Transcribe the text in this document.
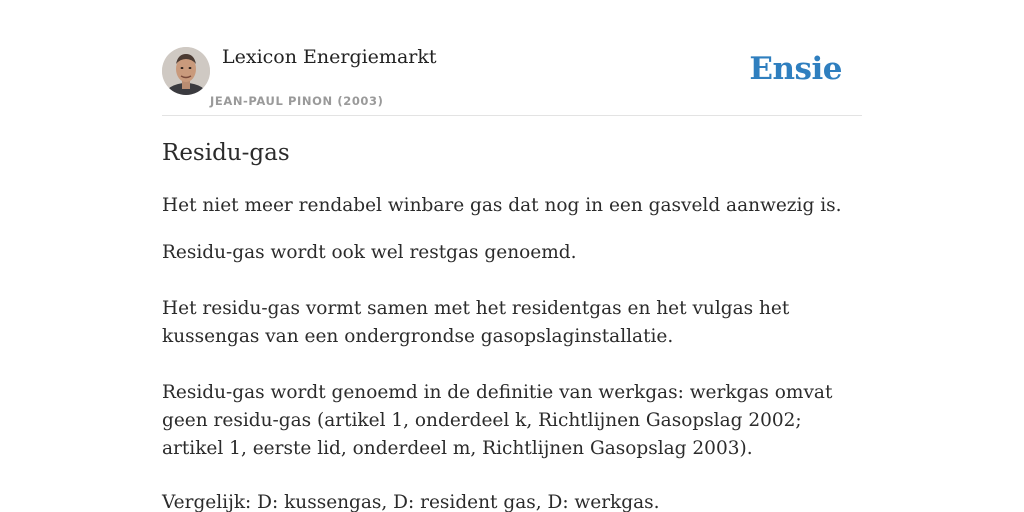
Lexicon Energiemarkt
JEAN-PAUL PINON (2003)
Ensie
Residu-gas
Het niet meer rendabel winbare gas dat nog in een gasveld aanwezig is.
Residu-gas wordt ook wel restgas genoemd.
Het residu-gas vormt samen met het residentgas en het vulgas het kussengas van een ondergrondse gasopslaginstallatie.
Residu-gas wordt genoemd in de definitie van werkgas: werkgas omvat geen residu-gas (artikel 1, onderdeel k, Richtlijnen Gasopslag 2002; artikel 1, eerste lid, onderdeel m, Richtlijnen Gasopslag 2003).
Vergelijk: D: kussengas, D: resident gas, D: werkgas.
